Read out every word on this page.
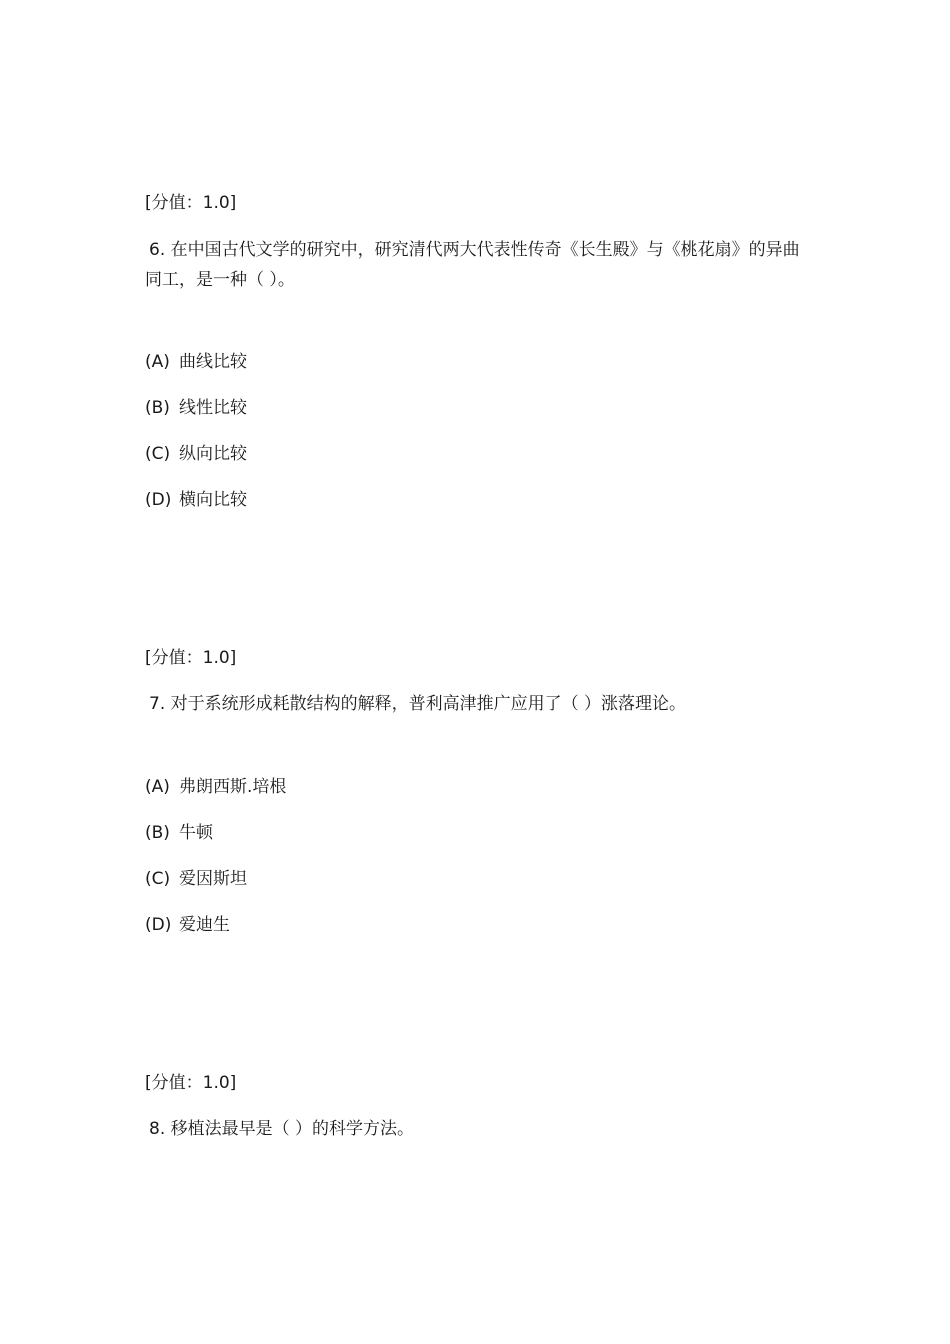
[分值：1.0]
6. 在中国古代文学的研究中，研究清代两大代表性传奇《长生殿》与《桃花扇》的异曲同工，是一种（ ）。
(A) 曲线比较
(B) 线性比较
(C) 纵向比较
(D) 横向比较
[分值：1.0]
7. 对于系统形成耗散结构的解释，普利高津推广应用了（ ）涨落理论。
(A) 弗朗西斯.培根
(B) 牛顿
(C) 爱因斯坦
(D) 爱迪生
[分值：1.0]
8. 移植法最早是（ ）的科学方法。
